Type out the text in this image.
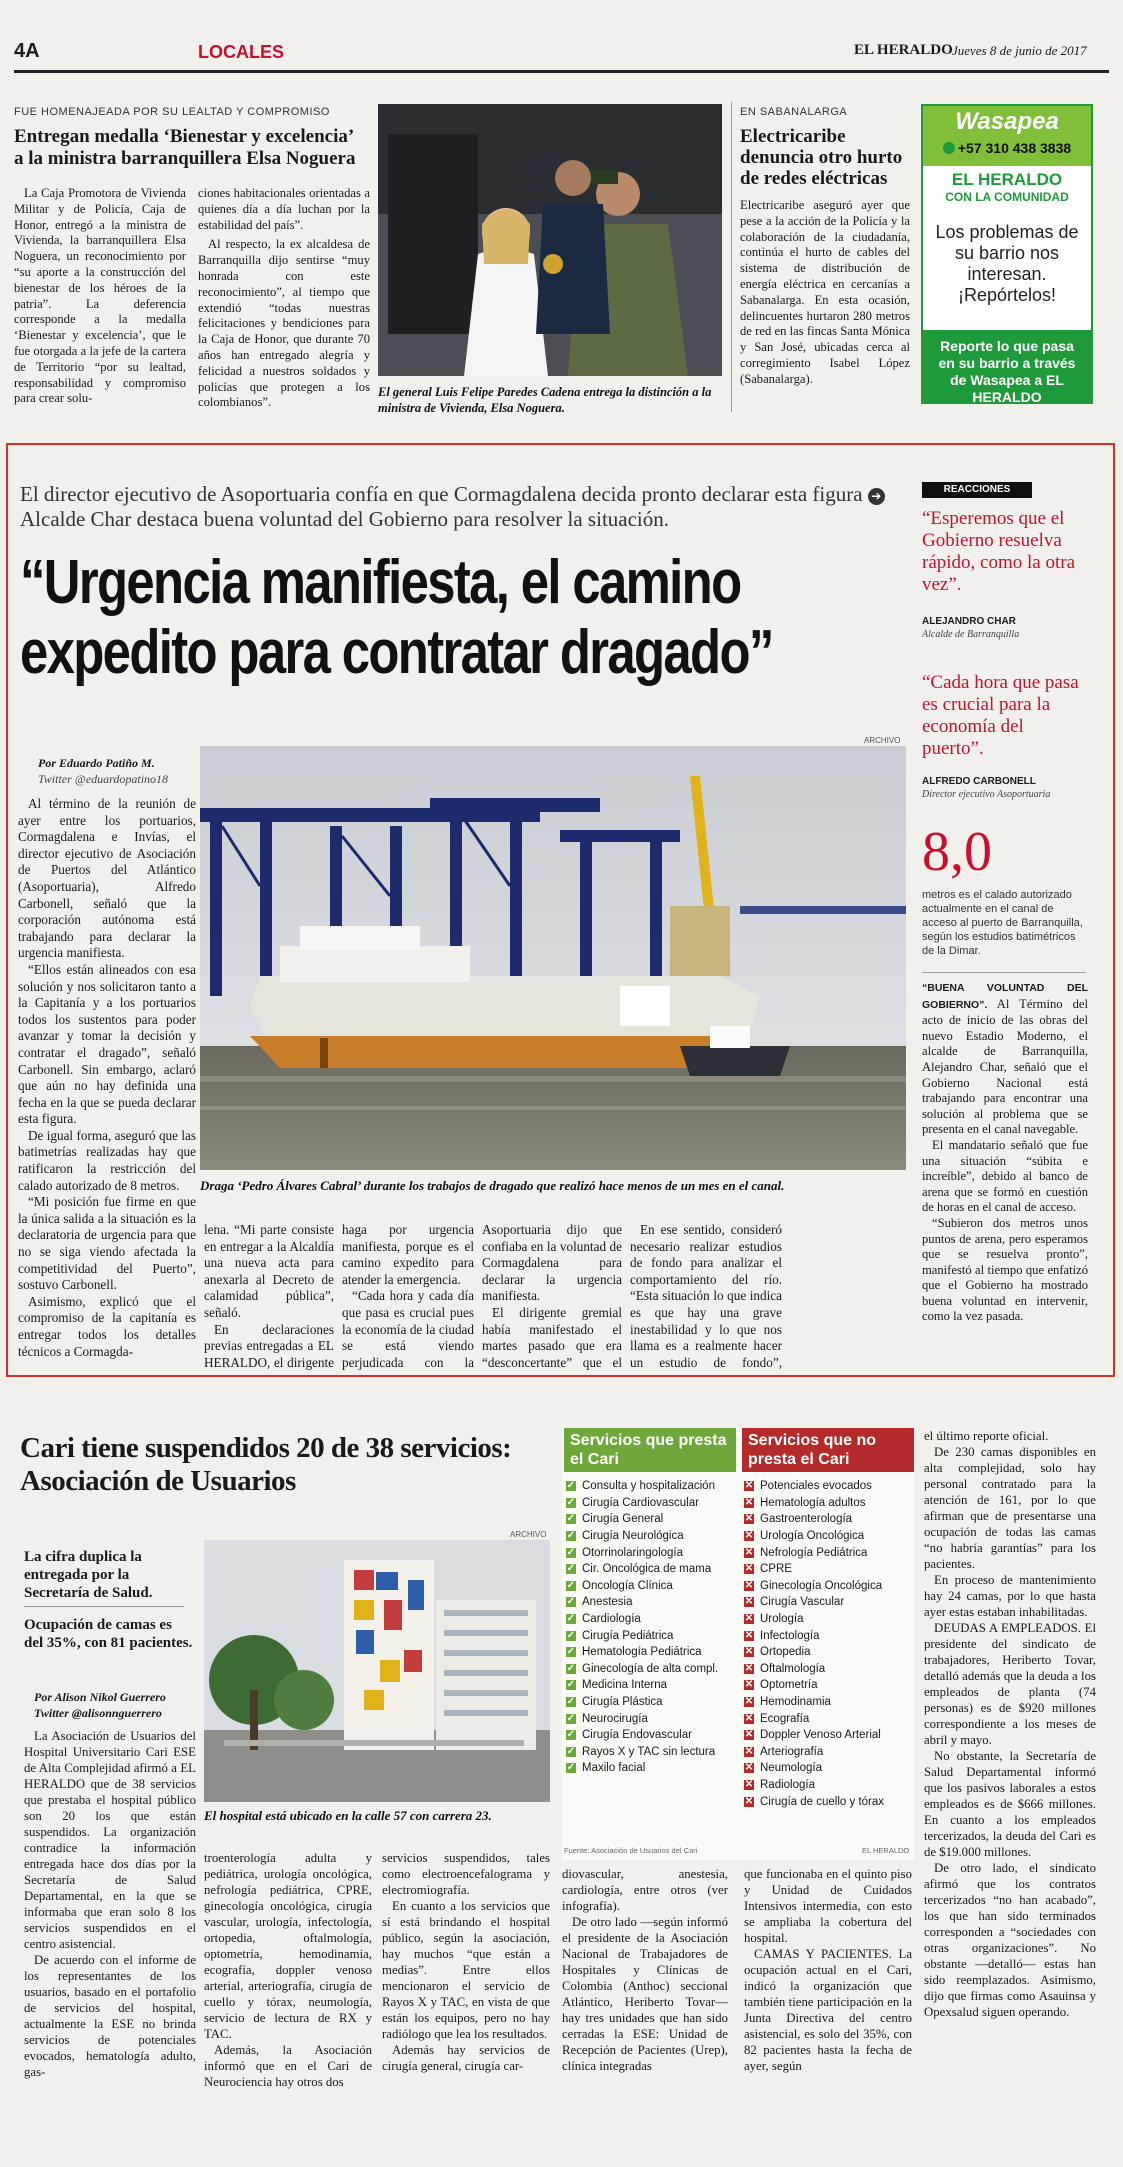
4A	LOCALES	EL HERALDO Jueves 8 de junio de 2017
FUE HOMENAJEADA POR SU LEALTAD Y COMPROMISO
Entregan medalla ‘Bienestar y excelencia’ a la ministra barranquillera Elsa Noguera

La Caja Promotora de Vivienda Militar y de Policía, Caja de Honor, entregó a la ministra de Vivienda, la barranquillera Elsa Noguera, un reconocimiento por “su aporte a la construcción del bienestar de los héroes de la patria”. La deferencia corresponde a la medalla ‘Bienestar y excelencia’, que le fue otorgada a la jefe de la cartera de Territorio “por su lealtad, responsabilidad y compromiso para crear solu-

ciones habitacionales orientadas a quienes día a día luchan por la estabilidad del país”.

Al respecto, la ex alcaldesa de Barranquilla dijo sentirse “muy honrada con este reconocimiento”, al tiempo que extendió “todas nuestras felicitaciones y bendiciones para la Caja de Honor, que durante 70 años han entregado alegría y felicidad a nuestros soldados y policías que protegen a los colombianos”.

El general Luis Felipe Paredes Cadena entrega la distinción a la ministra de Vivienda, Elsa Noguera.
EN SABANALARGA
Electricaribe denuncia otro hurto de redes eléctricas
Electricaribe aseguró ayer que pese a la acción de la Policía y la colaboración de la ciudadanía, continúa el hurto de cables del sistema de distribución de energía eléctrica en cercanías a Sabanalarga. En esta ocasión, delincuentes hurtaron 280 metros de red en las fincas Santa Mónica y San José, ubicadas cerca al corregimiento Isabel López (Sabanalarga).
Wasapea
+57 310 438 3838
EL HERALDO
CON LA COMUNIDAD
Los problemas de su barrio nos interesan. ¡Repórtelos!
Reporte lo que pasa en su barrio a través de Wasapea a EL HERALDO
El director ejecutivo de Asoportuaria confía en que Cormagdalena decida pronto declarar esta figura ➔ Alcalde Char destaca buena voluntad del Gobierno para resolver la situación.
“Urgencia manifiesta, el camino
expedito para contratar dragado”
ARCHIVO
Por Eduardo Patiño M.
Twitter @eduardopatino18
Draga ‘Pedro Álvares Cabral’ durante los trabajos de dragado que realizó hace menos de un mes en el canal.

Al término de la reunión de ayer entre los portuarios, Cormagdalena e Invías, el director ejecutivo de Asociación de Puertos del Atlántico (Asoportuaria), Alfredo Carbonell, señaló que la corporación autónoma está trabajando para declarar la urgencia manifiesta.

“Ellos están alineados con esa solución y nos solicitaron tanto a la Capitanía y a los portuarios todos los sustentos para poder avanzar y tomar la decisión y contratar el dragado”, señaló Carbonell. Sin embargo, aclaró que aún no hay definida una fecha en la que se pueda declarar esta figura.

De igual forma, aseguró que las batimetrías realizadas hay que ratificaron la restricción del calado autorizado de 8 metros.

“Mi posición fue firme en que la única salida a la situación es la declaratoria de urgencia para que no se siga viendo afectada la competitividad del Puerto”, sostuvo Carbonell.

Asimismo, explicó que el compromiso de la capitanía es entregar todos los detalles técnicos a Cormagda-

lena. “Mi parte consiste en entregar a la Alcaldía una nueva acta para anexarla al Decreto de calamidad pública”, señaló.

En declaraciones previas entregadas a EL HERALDO, el dirigente

haga por urgencia manifiesta, porque es el camino expedito para atender la emergencia.

“Cada hora y cada día que pasa es crucial pues la economía de la ciudad se está viendo perjudicada con la

Asoportuaria dijo que confiaba en la voluntad de Cormagdalena para declarar la urgencia manifiesta.

El dirigente gremial había manifestado el martes pasado que era “desconcertante” que el

En ese sentido, consideró necesario realizar estudios de fondo para analizar el comportamiento del río. “Esta situación lo que indica es que hay una grave inestabilidad y lo que nos llama es a realmente hacer un estudio de fondo”,

REACCIONES
“Esperemos que el Gobierno resuelva rápido, como la otra vez”.
ALEJANDRO CHAR
Alcalde de Barranquilla
“Cada hora que pasa es crucial para la economía del puerto”.
ALFREDO CARBONELL
Director ejecutivo Asoportuaria
8,0
metros es el calado autorizado actualmente en el canal de acceso al puerto de Barranquilla, según los estudios batimétricos de la Dimar.

“BUENA VOLUNTAD DEL GOBIERNO”. Al Término del acto de inicio de las obras del nuevo Estadio Moderno, el alcalde de Barranquilla, Alejandro Char, señaló que el Gobierno Nacional está trabajando para encontrar una solución al problema que se presenta en el canal navegable.

El mandatario señaló que fue una situación “súbita e increíble”, debido al banco de arena que se formó en cuestión de horas en el canal de acceso.

“Subieron dos metros unos puntos de arena, pero esperamos que se resuelva pronto”, manifestó al tiempo que enfatizó que el Gobierno ha mostrado buena voluntad en intervenir, como la vez pasada.

Cari tiene suspendidos 20 de 38 servicios: Asociación de Usuarios
ARCHIVO
La cifra duplica la entregada por la Secretaría de Salud.
Ocupación de camas es del 35%, con 81 pacientes.
Por Alison Nikol Guerrero
Twitter @alisonnguerrero
El hospital está ubicado en la calle 57 con carrera 23.

La Asociación de Usuarios del Hospital Universitario Cari ESE de Alta Complejidad afirmó a EL HERALDO que de 38 servicios que prestaba el hospital público son 20 los que están suspendidos. La organización contradice la información entregada hace dos días por la Secretaría de Salud Departamental, en la que se informaba que eran solo 8 los servicios suspendidos en el centro asistencial.

De acuerdo con el informe de los representantes de los usuarios, basado en el portafolio de servicios del hospital, actualmente la ESE no brinda servicios de potenciales evocados, hematología adulto, gas-

troenterología adulta y pediátrica, urología oncológica, nefrología pediátrica, CPRE, ginecología oncológica, cirugía vascular, urología, infectología, ortopedia, oftalmología, optometría, hemodinamia, ecografía, doppler venoso arterial, arteriografía, cirugía de cuello y tórax, neumología, servicio de lectura de RX y TAC.

Además, la Asociación informó que en el Cari de Neurociencia hay otros dos

servicios suspendidos, tales como electroencefalograma y electromiografía.

En cuanto a los servicios que sí está brindando el hospital público, según la asociación, hay muchos “que están a medias”. Entre ellos mencionaron el servicio de Rayos X y TAC, en vista de que están los equipos, pero no hay radiólogo que lea los resultados.

Además hay servicios de cirugía general, cirugía car-

diovascular, anestesia, cardiología, entre otros (ver infografía).

De otro lado —según informó el presidente de la Asociación Nacional de Trabajadores de Hospitales y Clínicas de Colombia (Anthoc) seccional Atlántico, Heriberto Tovar— hay tres unidades que han sido cerradas la ESE: Unidad de Recepción de Pacientes (Urep), clínica integradas

que funcionaba en el quinto piso y Unidad de Cuidados Intensivos intermedia, con esto se ampliaba la cobertura del hospital.

CAMAS Y PACIENTES. La ocupación actual en el Cari, indicó la organización que también tiene participación en la Junta Directiva del centro asistencial, es solo del 35%, con 82 pacientes hasta la fecha de ayer, según

el último reporte oficial.

De 230 camas disponibles en alta complejidad, solo hay personal contratado para la atención de 161, por lo que afirman que de presentarse una ocupación de todas las camas “no habría garantías” para los pacientes.

En proceso de mantenimiento hay 24 camas, por lo que hasta ayer estas estaban inhabilitadas.

DEUDAS A EMPLEADOS. El presidente del sindicato de trabajadores, Heriberto Tovar, detalló además que la deuda a los empleados de planta (74 personas) es de $920 millones correspondiente a los meses de abril y mayo.

No obstante, la Secretaría de Salud Departamental informó que los pasivos laborales a estos empleados es de $666 millones. En cuanto a los empleados tercerizados, la deuda del Cari es de $19.000 millones.

De otro lado, el sindicato afirmó que los contratos tercerizados “no han acabado”, los que han sido terminados corresponden a “sociedades con otras organizaciones”. No obstante —detalló— estas han sido reemplazados. Asimismo, dijo que firmas como Asauinsa y Opexsalud siguen operando.

Servicios que presta el Cari
Servicios que no presta el Cari
✓ Consulta y hospitalización
✓ Cirugía Cardiovascular
✓ Cirugía General
✓ Cirugía Neurológica
✓ Otorrinolaringología
✓ Cir. Oncológica de mama
✓ Oncología Clínica
✓ Anestesia
✓ Cardiología
✓ Cirugía Pediátrica
✓ Hematología Pediátrica
✓ Ginecología de alta compl.
✓ Medicina Interna
✓ Cirugía Plástica
✓ Neurocirugía
✓ Cirugía Endovascular
✓ Rayos X y TAC sin lectura
✓ Maxilo facial
✕ Potenciales evocados
✕ Hematología adultos
✕ Gastroenterología
✕ Urología Oncológica
✕ Nefrología Pediátrica
✕ CPRE
✕ Ginecología Oncológica
✕ Cirugía Vascular
✕ Urología
✕ Infectología
✕ Ortopedia
✕ Oftalmología
✕ Optometría
✕ Hemodinamia
✕ Ecografía
✕ Doppler Venoso Arterial
✕ Arteriografía
✕ Neumología
✕ Radiología
✕ Cirugía de cuello y tórax
Fuente: Asociación de Usuarios del Cari	EL HERALDO
